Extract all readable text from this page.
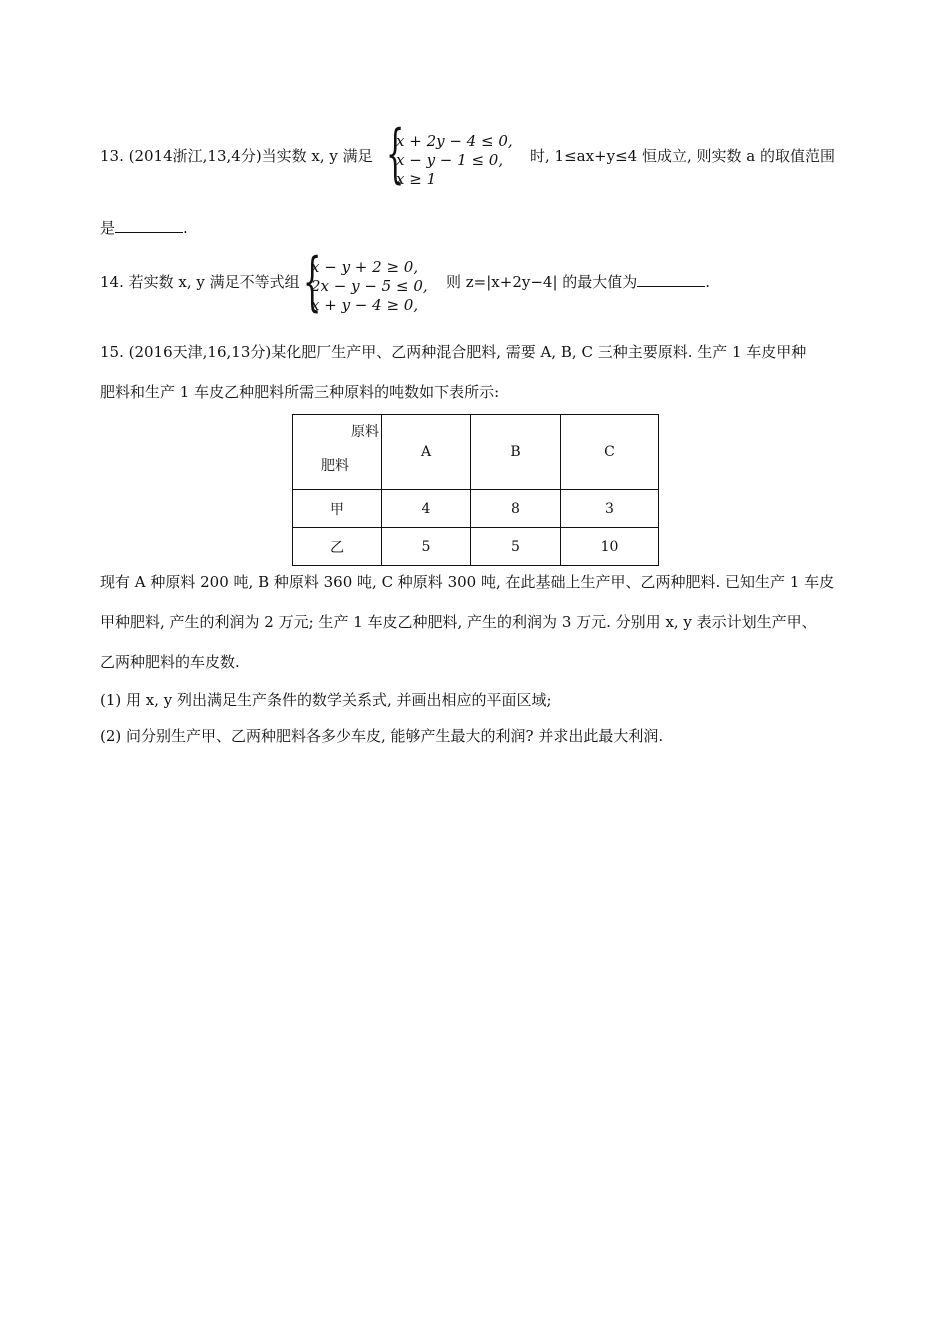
13. (2014浙江,13,4分)当实数 x, y 满足 {
x + 2y − 4 ≤ 0,
x − y − 1 ≤ 0,
x ≥ 1
时, 1≤ax+y≤4 恒成立, 则实数 a 的取值范围
是	.
14. 若实数 x, y 满足不等式组 {
x − y + 2 ≥ 0,
2x − y − 5 ≤ 0,
x + y − 4 ≥ 0,
则 z=|x+2y−4| 的最大值为	.
15. (2016天津,16,13分)某化肥厂生产甲、乙两种混合肥料, 需要 A, B, C 三种主要原料. 生产 1 车皮甲种
肥料和生产 1 车皮乙种肥料所需三种原料的吨数如下表所示:
原料
肥料	A	B	C
甲	4	8	3
乙	5	5	10
现有 A 种原料 200 吨, B 种原料 360 吨, C 种原料 300 吨, 在此基础上生产甲、乙两种肥料. 已知生产 1 车皮
甲种肥料, 产生的利润为 2 万元; 生产 1 车皮乙种肥料, 产生的利润为 3 万元. 分别用 x, y 表示计划生产甲、
乙两种肥料的车皮数.
(1) 用 x, y 列出满足生产条件的数学关系式, 并画出相应的平面区域;
(2) 问分别生产甲、乙两种肥料各多少车皮, 能够产生最大的利润? 并求出此最大利润.
